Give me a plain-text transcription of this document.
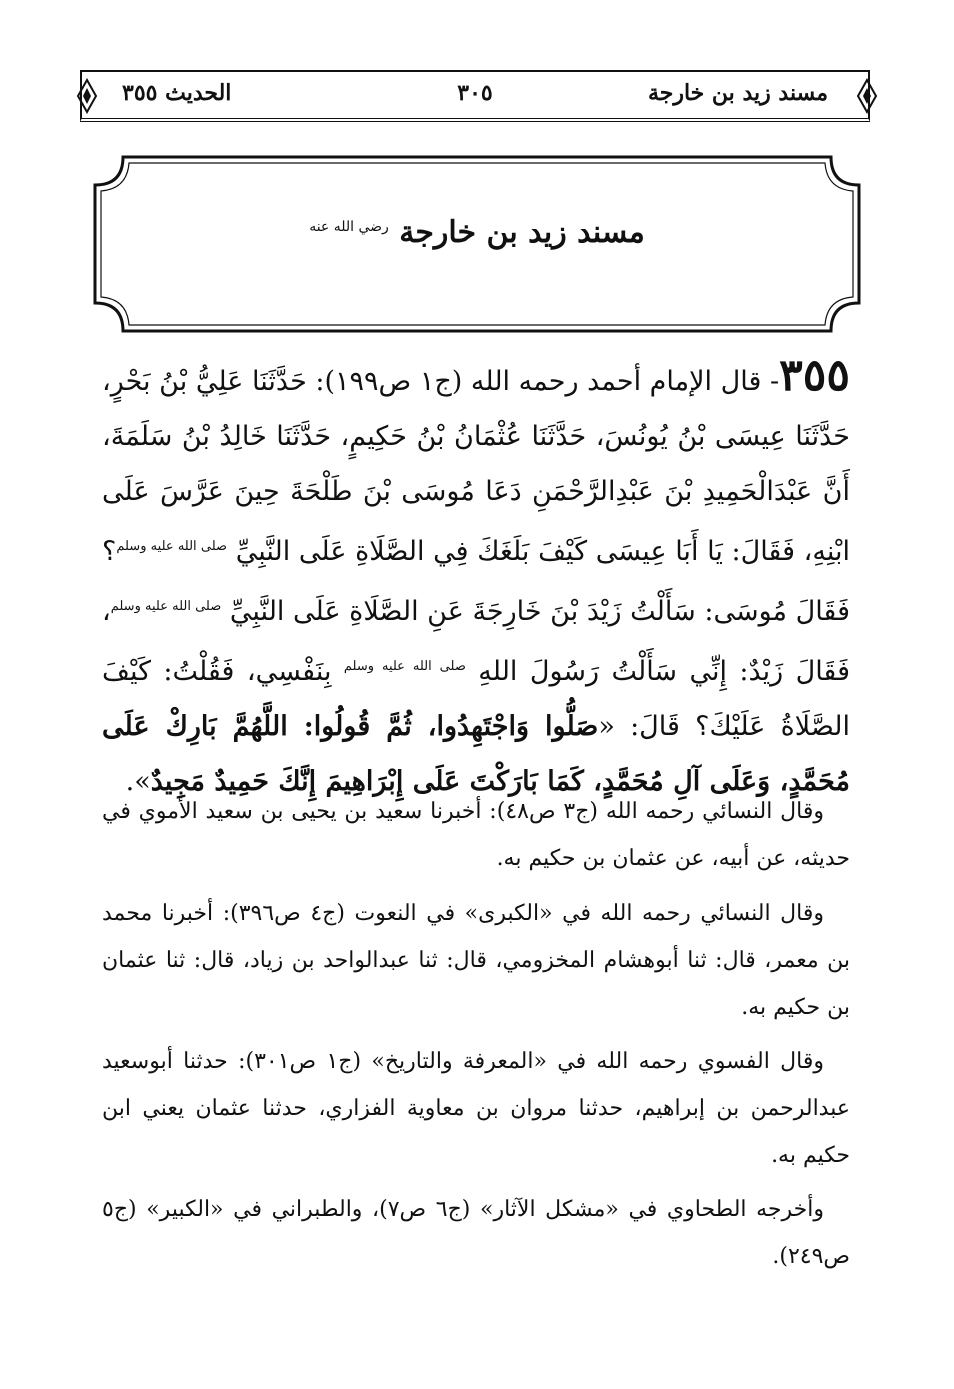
مسند زيد بن خارجة
٣٠٥
الحديث ٣٥٥
مسند زيد بن خارجة $^{رضي الله عنه}$
٣٥٥- قال الإمام أحمد رحمه الله (ج١ ص١٩٩): حَدَّثَنَا عَلِيُّ بْنُ بَحْرٍ، حَدَّثَنَا عِيسَى بْنُ يُونُسَ، حَدَّثَنَا عُثْمَانُ بْنُ حَكِيمٍ، حَدَّثَنَا خَالِدُ بْنُ سَلَمَةَ، أَنَّ عَبْدَالْحَمِيدِ بْنَ عَبْدِالرَّحْمَنِ دَعَا مُوسَى بْنَ طَلْحَةَ حِينَ عَرَّسَ عَلَى ابْنِهِ، فَقَالَ: يَا أَبَا عِيسَى كَيْفَ بَلَغَكَ فِي الصَّلَاةِ عَلَى النَّبِيِّ $^{صلى الله عليه وسلم}$؟ فَقَالَ مُوسَى: سَأَلْتُ زَيْدَ بْنَ خَارِجَةَ عَنِ الصَّلَاةِ عَلَى النَّبِيِّ $^{صلى الله عليه وسلم}$، فَقَالَ زَيْدٌ: إِنِّي سَأَلْتُ رَسُولَ اللهِ $^{صلى الله عليه وسلم}$ بِنَفْسِي، فَقُلْتُ: كَيْفَ الصَّلَاةُ عَلَيْكَ؟ قَالَ: «صَلُّوا وَاجْتَهِدُوا، ثُمَّ قُولُوا: اللَّهُمَّ بَارِكْ عَلَى مُحَمَّدٍ، وَعَلَى آلِ مُحَمَّدٍ، كَمَا بَارَكْتَ عَلَى إِبْرَاهِيمَ إِنَّكَ حَمِيدٌ مَجِيدٌ».
وقال النسائي رحمه الله (ج٣ ص٤٨): أخبرنا سعيد بن يحيى بن سعيد الأموي في حديثه، عن أبيه، عن عثمان بن حكيم به.
وقال النسائي رحمه الله في «الكبرى» في النعوت (ج٤ ص٣٩٦): أخبرنا محمد بن معمر، قال: ثنا أبوهشام المخزومي، قال: ثنا عبدالواحد بن زياد، قال: ثنا عثمان بن حكيم به.
وقال الفسوي رحمه الله في «المعرفة والتاريخ» (ج١ ص٣٠١): حدثنا أبوسعيد عبدالرحمن بن إبراهيم، حدثنا مروان بن معاوية الفزاري، حدثنا عثمان يعني ابن حكيم به.
وأخرجه الطحاوي في «مشكل الآثار» (ج٦ ص٧)، والطبراني في «الكبير» (ج٥ ص٢٤٩).
